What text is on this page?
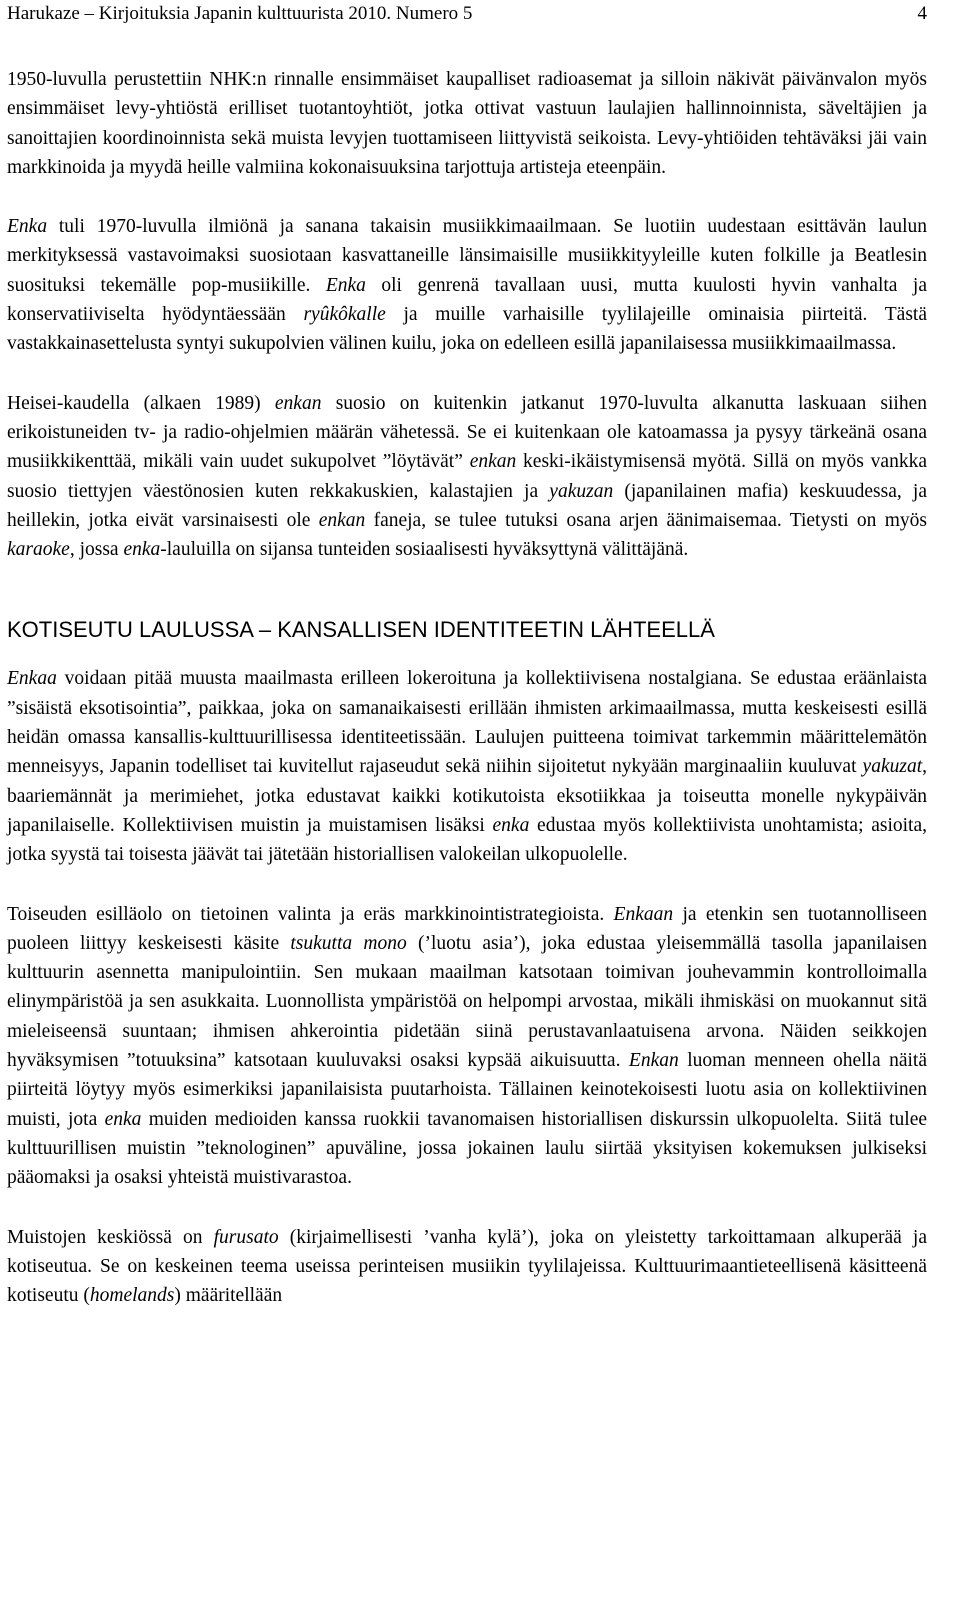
Harukaze – Kirjoituksia Japanin kulttuurista 2010. Numero 5	4

1950-luvulla perustettiin NHK:n rinnalle ensimmäiset kaupalliset radioasemat ja silloin näkivät päivänvalon myös ensimmäiset levy-yhtiöstä erilliset tuotantoyhtiöt, jotka ottivat vastuun laulajien hallinnoinnista, säveltäjien ja sanoittajien koordinoinnista sekä muista levyjen tuottamiseen liittyvistä seikoista. Levy-yhtiöiden tehtäväksi jäi vain markkinoida ja myydä heille valmiina kokonaisuuksina tarjottuja artisteja eteenpäin.

Enka tuli 1970-luvulla ilmiönä ja sanana takaisin musiikkimaailmaan. Se luotiin uudestaan esittävän laulun merkityksessä vastavoimaksi suosiotaan kasvattaneille länsimaisille musiikkityyleille kuten folkille ja Beatlesin suosituksi tekemälle pop-musiikille. Enka oli genrenä tavallaan uusi, mutta kuulosti hyvin vanhalta ja konservatiiviselta hyödyntäessään ryûkôkalle ja muille varhaisille tyylilajeille ominaisia piirteitä. Tästä vastakkainasettelusta syntyi sukupolvien välinen kuilu, joka on edelleen esillä japanilaisessa musiikkimaailmassa.

Heisei-kaudella (alkaen 1989) enkan suosio on kuitenkin jatkanut 1970-luvulta alkanutta laskuaan siihen erikoistuneiden tv- ja radio-ohjelmien määrän vähetessä. Se ei kuitenkaan ole katoamassa ja pysyy tärkeänä osana musiikkikenttää, mikäli vain uudet sukupolvet ”löytävät” enkan keski-ikäistymisensä myötä. Sillä on myös vankka suosio tiettyjen väestönosien kuten rekkakuskien, kalastajien ja yakuzan (japanilainen mafia) keskuudessa, ja heillekin, jotka eivät varsinaisesti ole enkan faneja, se tulee tutuksi osana arjen äänimaisemaa. Tietysti on myös karaoke, jossa enka-lauluilla on sijansa tunteiden sosiaalisesti hyväksyttynä välittäjänä.

KOTISEUTU LAULUSSA – KANSALLISEN IDENTITEETIN LÄHTEELLÄ

Enkaa voidaan pitää muusta maailmasta erilleen lokeroituna ja kollektiivisena nostalgiana. Se edustaa eräänlaista ”sisäistä eksotisointia”, paikkaa, joka on samanaikaisesti erillään ihmisten arkimaailmassa, mutta keskeisesti esillä heidän omassa kansallis-kulttuurillisessa identiteetissään. Laulujen puitteena toimivat tarkemmin määrittelemätön menneisyys, Japanin todelliset tai kuvitellut rajaseudut sekä niihin sijoitetut nykyään marginaaliin kuuluvat yakuzat, baariemännät ja merimiehet, jotka edustavat kaikki kotikutoista eksotiikkaa ja toiseutta monelle nykypäivän japanilaiselle. Kollektiivisen muistin ja muistamisen lisäksi enka edustaa myös kollektiivista unohtamista; asioita, jotka syystä tai toisesta jäävät tai jätetään historiallisen valokeilan ulkopuolelle.

Toiseuden esilläolo on tietoinen valinta ja eräs markkinointistrategioista. Enkaan ja etenkin sen tuotannolliseen puoleen liittyy keskeisesti käsite tsukutta mono (’luotu asia’), joka edustaa yleisemmällä tasolla japanilaisen kulttuurin asennetta manipulointiin. Sen mukaan maailman katsotaan toimivan jouhevammin kontrolloimalla elinympäristöä ja sen asukkaita. Luonnollista ympäristöä on helpompi arvostaa, mikäli ihmiskäsi on muokannut sitä mieleiseensä suuntaan; ihmisen ahkerointia pidetään siinä perustavanlaatuisena arvona. Näiden seikkojen hyväksymisen ”totuuksina” katsotaan kuuluvaksi osaksi kypsää aikuisuutta. Enkan luoman menneen ohella näitä piirteitä löytyy myös esimerkiksi japanilaisista puutarhoista. Tällainen keinotekoisesti luotu asia on kollektiivinen muisti, jota enka muiden medioiden kanssa ruokkii tavanomaisen historiallisen diskurssin ulkopuolelta. Siitä tulee kulttuurillisen muistin ”teknologinen” apuväline, jossa jokainen laulu siirtää yksityisen kokemuksen julkiseksi pääomaksi ja osaksi yhteistä muistivarastoa.

Muistojen keskiössä on furusato (kirjaimellisesti ’vanha kylä’), joka on yleistetty tarkoittamaan alkuperää ja kotiseutua. Se on keskeinen teema useissa perinteisen musiikin tyylilajeissa. Kulttuurimaantieteellisenä käsitteenä kotiseutu (homelands) määritellään
